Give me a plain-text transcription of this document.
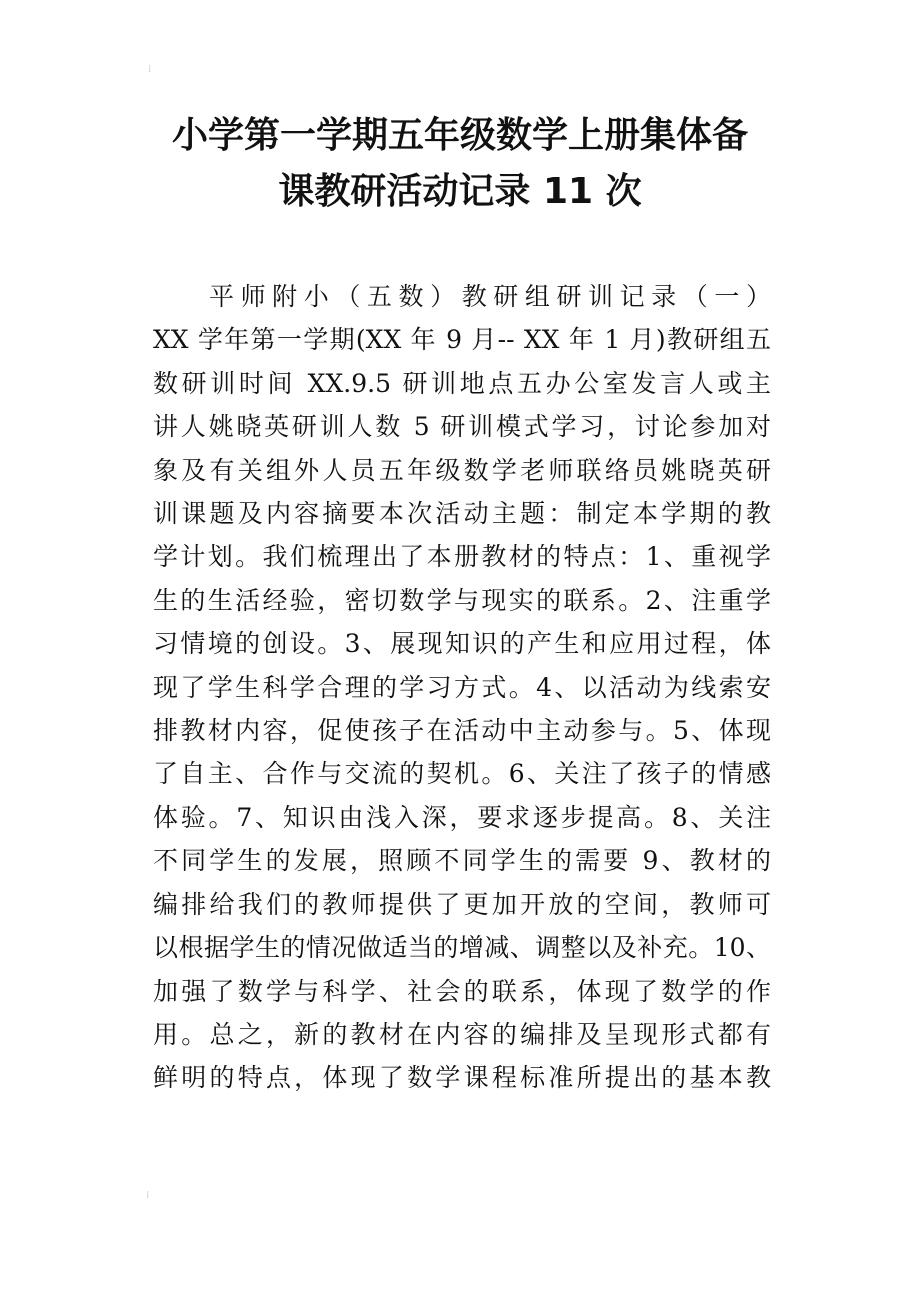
⁞
小学第一学期五年级数学上册集体备
课教研活动记录 11 次
平师附小（五数）教研组研训记录（一）
XX 学年第一学期(XX 年 9 月-- XX 年 1 月)教研组五
数研训时间 XX.9.5 研训地点五办公室发言人或主
讲人姚晓英研训人数 5 研训模式学习，讨论参加对
象及有关组外人员五年级数学老师联络员姚晓英研
训课题及内容摘要本次活动主题：制定本学期的教
学计划。我们梳理出了本册教材的特点：1、重视学
生的生活经验，密切数学与现实的联系。2、注重学
习情境的创设。3、展现知识的产生和应用过程，体
现了学生科学合理的学习方式。4、以活动为线索安
排教材内容，促使孩子在活动中主动参与。5、体现
了自主、合作与交流的契机。6、关注了孩子的情感
体验。7、知识由浅入深，要求逐步提高。8、关注
不同学生的发展，照顾不同学生的需要 9、教材的
编排给我们的教师提供了更加开放的空间，教师可
以根据学生的情况做适当的增减、调整以及补充。10、
加强了数学与科学、社会的联系，体现了数学的作
用。总之，新的教材在内容的编排及呈现形式都有
鲜明的特点，体现了数学课程标准所提出的基本教
⁞
